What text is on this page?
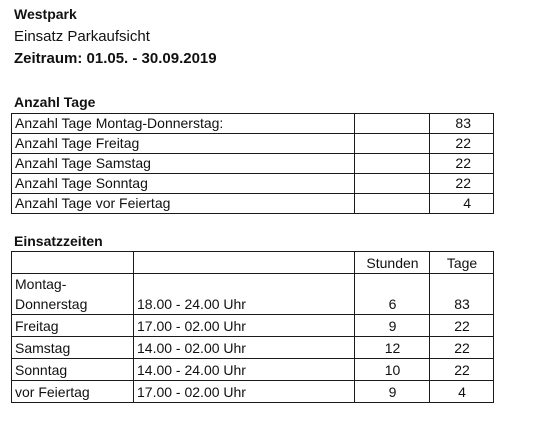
Westpark
Einsatz Parkaufsicht
Zeitraum: 01.05. - 30.09.2019
Anzahl Tage
Anzahl Tage Montag-Donnerstag:		83
Anzahl Tage Freitag		22
Anzahl Tage Samstag		22
Anzahl Tage Sonntag		22
Anzahl Tage vor Feiertag		4
Einsatzzeiten
		Stunden	Tage

Montag-
Donnerstag	18.00 - 24.00 Uhr	6	83
Freitag	17.00 - 02.00 Uhr	9	22
Samstag	14.00 - 02.00 Uhr	12	22
Sonntag	14.00 - 24.00 Uhr	10	22
vor Feiertag	17.00 - 02.00 Uhr	9	4
